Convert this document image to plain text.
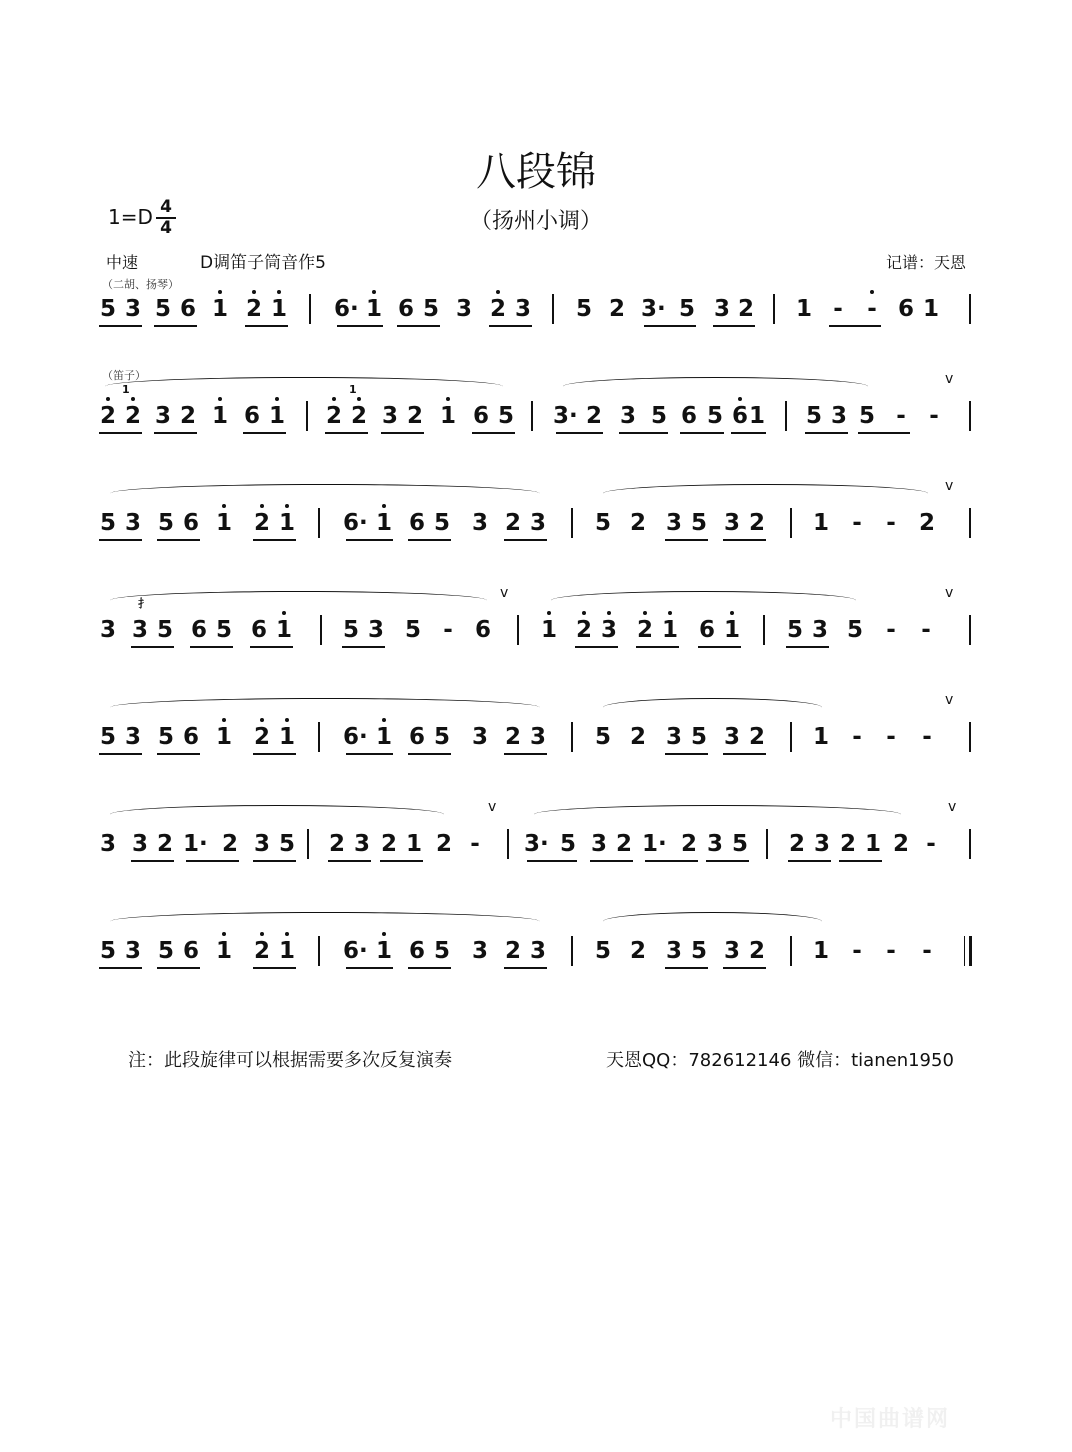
八段锦
（扬州小调）
$1=D \frac{4}{4}$
中速	D调笛子筒音作5	记谱：天恩
（二胡、扬琴）
（笛子）
5 3 5 6 1 2 1 6· 1 6 5 3 2 3 5 2 3· 5 3 2 1 -	- 6 1
2 2 3 2 1 6 1 2 2 3 2 1 6 5 3· 2 3 5 6 5 6 1 5 3 5 -	-
v
1	1
5 3 5 6 1 2 1 6· 1 6 5 3 2 3 5 2 3 5 3 2 1	-	-	2
v
3 3 5 6 5 6 1 5 3 5 - 6 1 2 3 2 1 6 1 5 3 5	-	-
v	v
扌
5 3 5 6 1 2 1 6· 1 6 5 3 2 3 5 2 3 5 3 2 1	-	-	-
v
3 3 2 1· 2 3 5 2 3 2 1 2 -	3· 5 3 2 1· 2 3 5 2 3 2 1 2 -
v	v
5 3 5 6 1 2 1 6· 1 6 5 3 2 3 5 2 3 5 3 2 1	-	-	-
注：此段旋律可以根据需要多次反复演奏	天恩QQ：782612146 微信：tianen1950
中国曲谱网
